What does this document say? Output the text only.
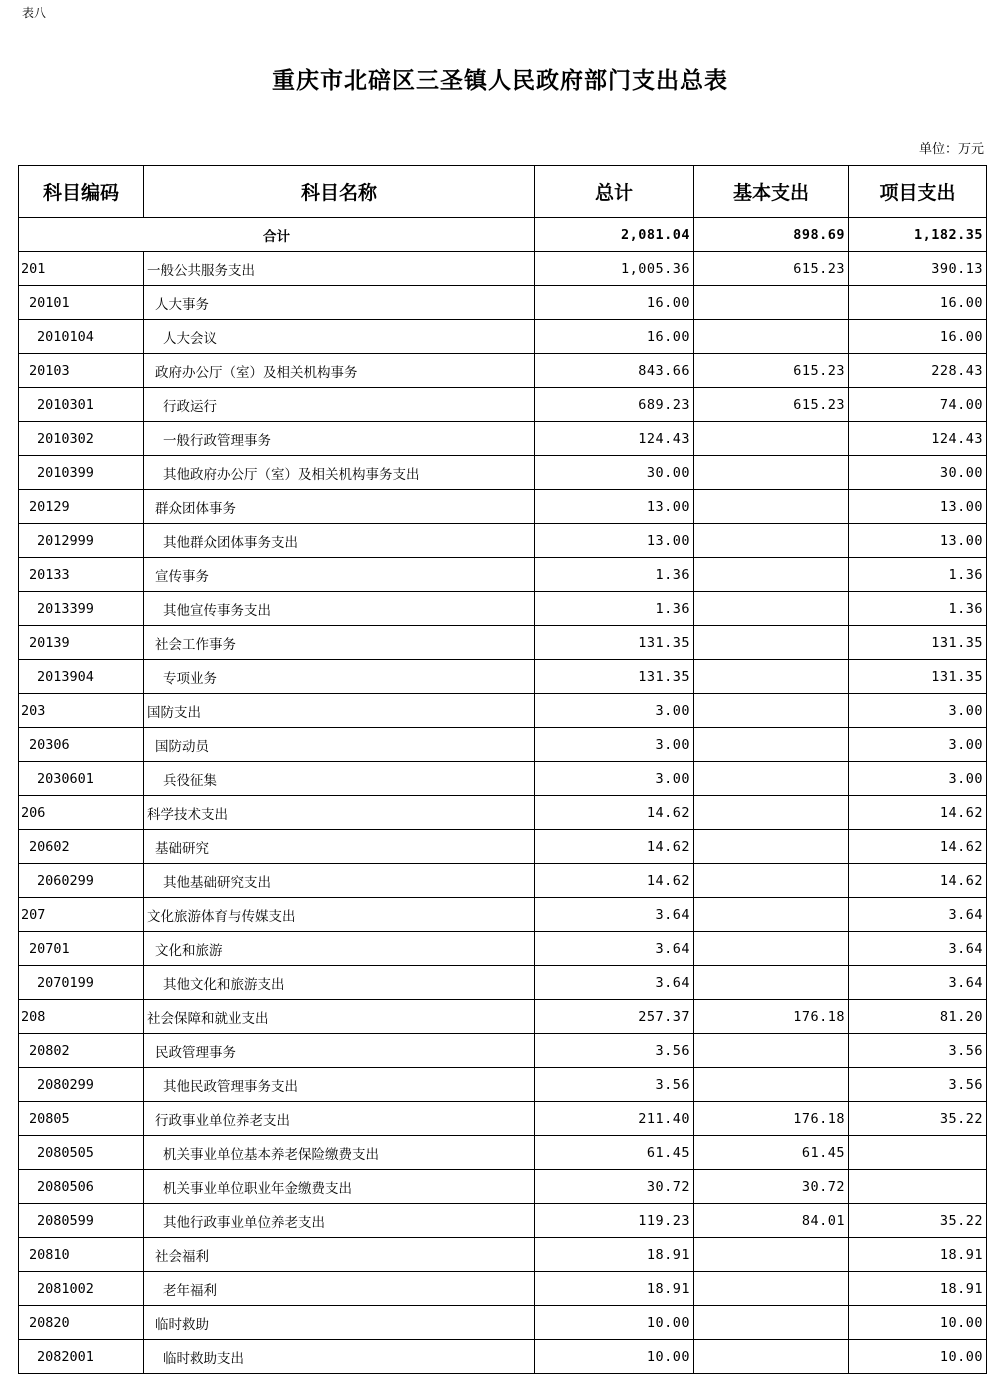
表八
重庆市北碚区三圣镇人民政府部门支出总表
单位：万元
科目编码	科目名称	总计	基本支出	项目支出
合计		2,081.04	898.69	1,182.35
201	一般公共服务支出	1,005.36	615.23	390.13
20101	人大事务	16.00		16.00
2010104	人大会议	16.00		16.00
20103	政府办公厅（室）及相关机构事务	843.66	615.23	228.43
2010301	行政运行	689.23	615.23	74.00
2010302	一般行政管理事务	124.43		124.43
2010399	其他政府办公厅（室）及相关机构事务支出	30.00		30.00
20129	群众团体事务	13.00		13.00
2012999	其他群众团体事务支出	13.00		13.00
20133	宣传事务	1.36		1.36
2013399	其他宣传事务支出	1.36		1.36
20139	社会工作事务	131.35		131.35
2013904	专项业务	131.35		131.35
203	国防支出	3.00		3.00
20306	国防动员	3.00		3.00
2030601	兵役征集	3.00		3.00
206	科学技术支出	14.62		14.62
20602	基础研究	14.62		14.62
2060299	其他基础研究支出	14.62		14.62
207	文化旅游体育与传媒支出	3.64		3.64
20701	文化和旅游	3.64		3.64
2070199	其他文化和旅游支出	3.64		3.64
208	社会保障和就业支出	257.37	176.18	81.20
20802	民政管理事务	3.56		3.56
2080299	其他民政管理事务支出	3.56		3.56
20805	行政事业单位养老支出	211.40	176.18	35.22
2080505	机关事业单位基本养老保险缴费支出	61.45	61.45	
2080506	机关事业单位职业年金缴费支出	30.72	30.72	
2080599	其他行政事业单位养老支出	119.23	84.01	35.22
20810	社会福利	18.91		18.91
2081002	老年福利	18.91		18.91
20820	临时救助	10.00		10.00
2082001	临时救助支出	10.00		10.00
